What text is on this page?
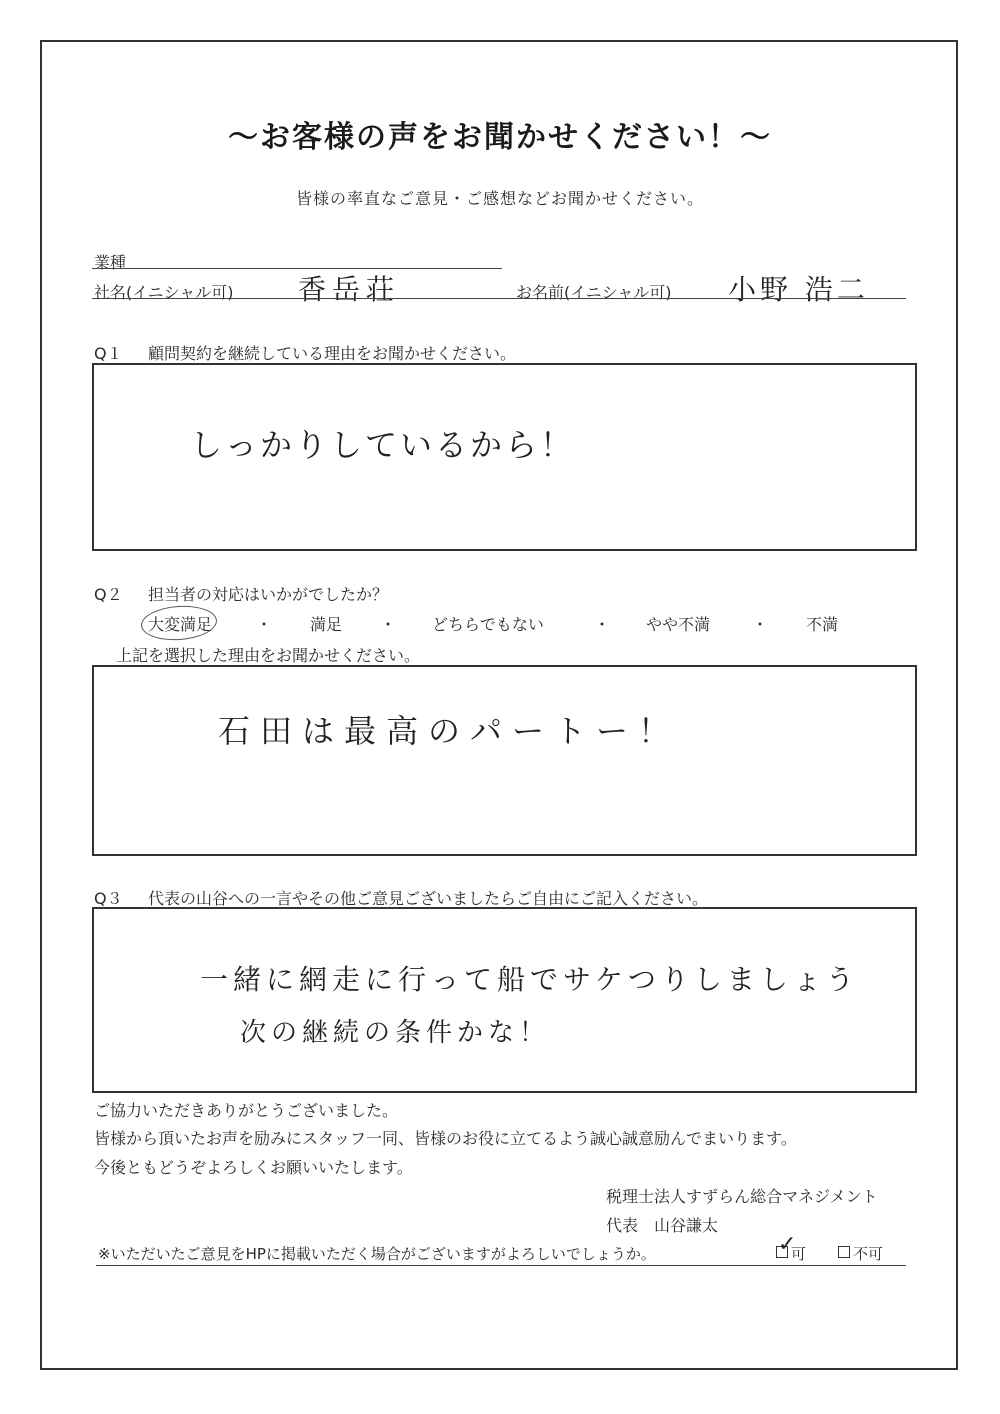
〜お客様の声をお聞かせください！〜
皆様の率直なご意見・ご感想などお聞かせください。
業種
社名(イニシャル可) 香岳荘	お名前(イニシャル可) 小野 浩二
Q１ 顧問契約を継続している理由をお聞かせください。
しっかりしているから！
Q２ 担当者の対応はいかがでしたか？
大変満足	・ 満足 ・ どちらでもない	・ やや不満	・ 不満
上記を選択した理由をお聞かせください。
石田は最高のパートー！
Q３ 代表の山谷への一言やその他ご意見ございましたらご自由にご記入ください。
一緒に網走に行って船でサケつりしましょう
次の継続の条件かな！
ご協力いただきありがとうございました。
皆様から頂いたお声を励みにスタッフ一同、皆様のお役に立てるよう誠心誠意励んでまいります。
今後ともどうぞよろしくお願いいたします。
税理士法人すずらん総合マネジメント
代表　山谷謙太
※いただいたご意見をHPに掲載いただく場合がございますがよろしいでしょうか。	✓
可	不可
